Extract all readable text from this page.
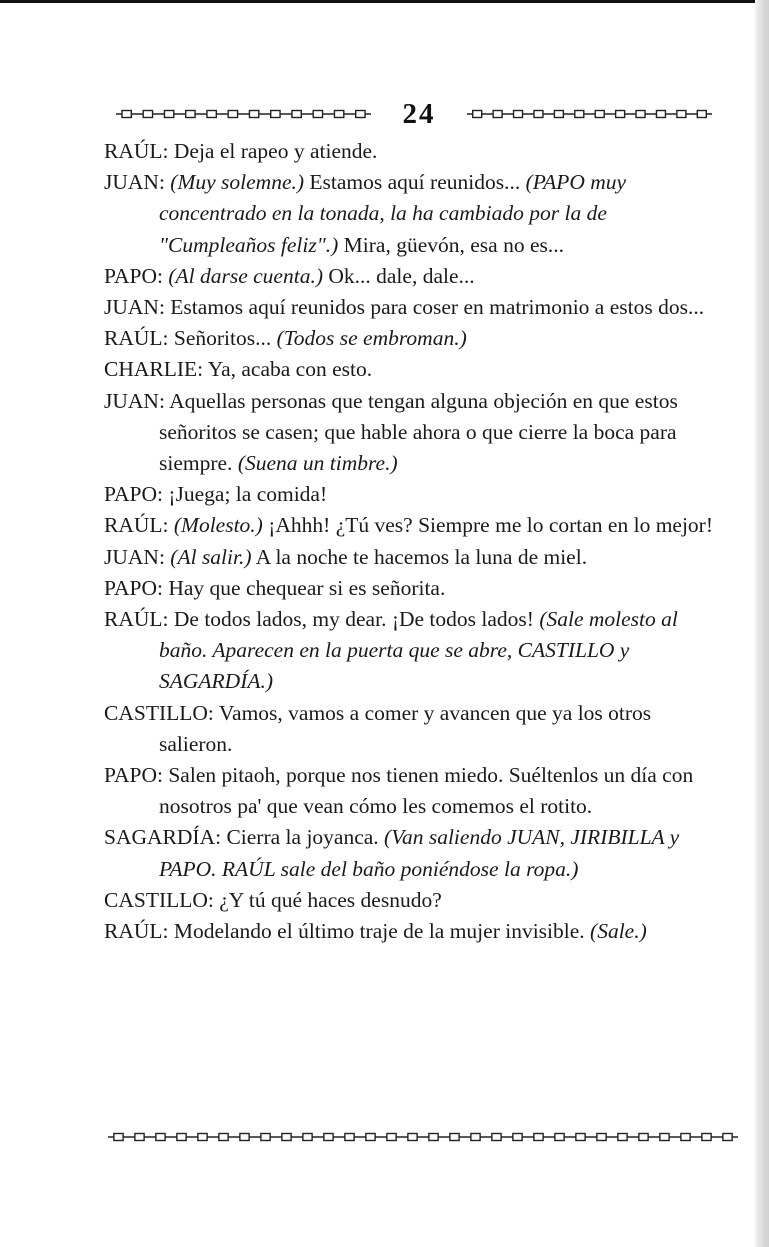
24

RAÚL: Deja el rapeo y atiende.

JUAN: (Muy solemne.) Estamos aquí reunidos... (PAPO muy concentrado en la tonada, la ha cambiado por la de "Cumpleaños feliz".) Mira, güevón, esa no es...

PAPO: (Al darse cuenta.) Ok... dale, dale...

JUAN: Estamos aquí reunidos para coser en matrimonio a estos dos...

RAÚL: Señoritos... (Todos se embroman.)

CHARLIE: Ya, acaba con esto.

JUAN: Aquellas personas que tengan alguna objeción en que estos señoritos se casen; que hable ahora o que cierre la boca para siempre. (Suena un timbre.)

PAPO: ¡Juega; la comida!

RAÚL: (Molesto.) ¡Ahhh! ¿Tú ves? Siempre me lo cortan en lo mejor!

JUAN: (Al salir.) A la noche te hacemos la luna de miel.

PAPO: Hay que chequear si es señorita.

RAÚL: De todos lados, my dear. ¡De todos lados! (Sale molesto al baño. Aparecen en la puerta que se abre, CASTILLO y SAGARDÍA.)

CASTILLO: Vamos, vamos a comer y avancen que ya los otros salieron.

PAPO: Salen pitaoh, porque nos tienen miedo. Suéltenlos un día con nosotros pa' que vean cómo les comemos el rotito.

SAGARDÍA: Cierra la joyanca. (Van saliendo JUAN, JIRIBILLA y PAPO. RAÚL sale del baño poniéndose la ropa.)

CASTILLO: ¿Y tú qué haces desnudo?

RAÚL: Modelando el último traje de la mujer invisible. (Sale.)
